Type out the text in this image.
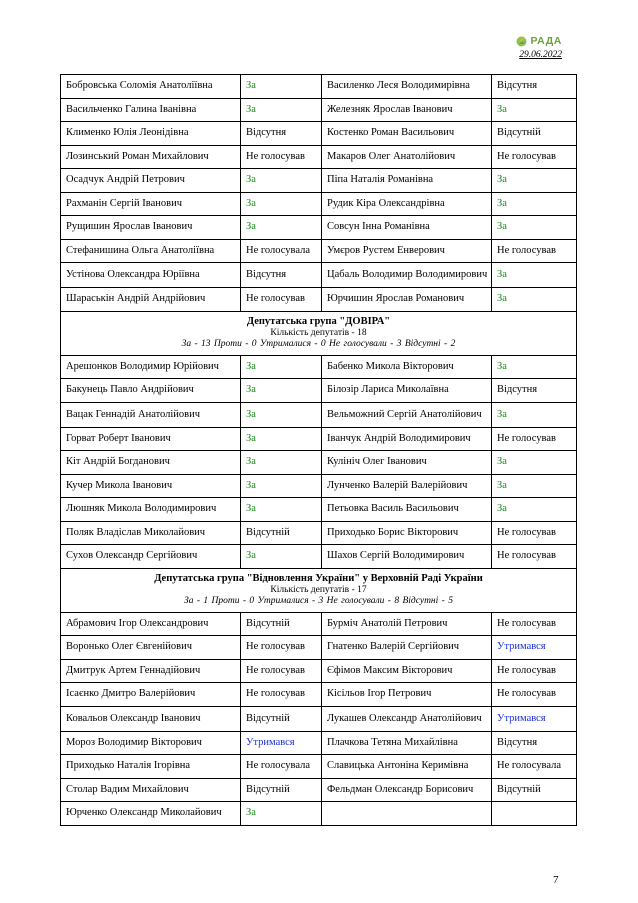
РАДА
29.06.2022
Бобровська Соломія Анатоліївна	За	Василенко Леся Володимирівна	Відсутня
Васильченко Галина Іванівна	За	Железняк Ярослав Іванович	За
Клименко Юлія Леонідівна	Відсутня	Костенко Роман Васильович	Відсутній
Лозинський Роман Михайлович	Не голосував	Макаров Олег Анатолійович	Не голосував
Осадчук Андрій Петрович	За	Піпа Наталія Романівна	За
Рахманін Сергій Іванович	За	Рудик Кіра Олександрівна	За
Рущишин Ярослав Іванович	За	Совсун Інна Романівна	За
Стефанишина Ольга Анатоліївна	Не голосувала	Умєров Рустем Енверович	Не голосував
Устінова Олександра Юріївна	Відсутня	Цабаль Володимир Володимирович	За
Шараськін Андрій Андрійович	Не голосував	Юрчишин Ярослав Романович	За

Депутатська група "ДОВІРА"
Кількість депутатів - 18
За - 13 Проти - 0 Утрималися - 0 Не голосували - 3 Відсутні - 2			

Арешонков Володимир Юрійович	За	Бабенко Микола Вікторович	За
Бакунець Павло Андрійович	За	Білозір Лариса Миколаївна	Відсутня
Вацак Геннадій Анатолійович	За	Вельможний Сергій Анатолійович	За
Горват Роберт Іванович	За	Іванчук Андрій Володимирович	Не голосував
Кіт Андрій Богданович	За	Кулініч Олег Іванович	За
Кучер Микола Іванович	За	Лунченко Валерій Валерійович	За
Люшняк Микола Володимирович	За	Петьовка Василь Васильович	За
Поляк Владіслав Миколайович	Відсутній	Приходько Борис Вікторович	Не голосував
Сухов Олександр Сергійович	За	Шахов Сергій Володимирович	Не голосував

Депутатська група "Відновлення України" у Верховній Раді України
Кількість депутатів - 17
За - 1 Проти - 0 Утрималися - 3 Не голосували - 8 Відсутні - 5			

Абрамович Ігор Олександрович	Відсутній	Бурміч Анатолій Петрович	Не голосував
Воронько Олег Євгенійович	Не голосував	Гнатенко Валерій Сергійович	Утримався
Дмитрук Артем Геннадійович	Не голосував	Єфімов Максим Вікторович	Не голосував
Ісаєнко Дмитро Валерійович	Не голосував	Кісільов Ігор Петрович	Не голосував
Ковальов Олександр Іванович	Відсутній	Лукашев Олександр Анатолійович	Утримався
Мороз Володимир Вікторович	Утримався	Плачкова Тетяна Михайлівна	Відсутня
Приходько Наталія Ігорівна	Не голосувала	Славицька Антоніна Керимівна	Не голосувала
Столар Вадим Михайлович	Відсутній	Фельдман Олександр Борисович	Відсутній
Юрченко Олександр Миколайович	За		
7
